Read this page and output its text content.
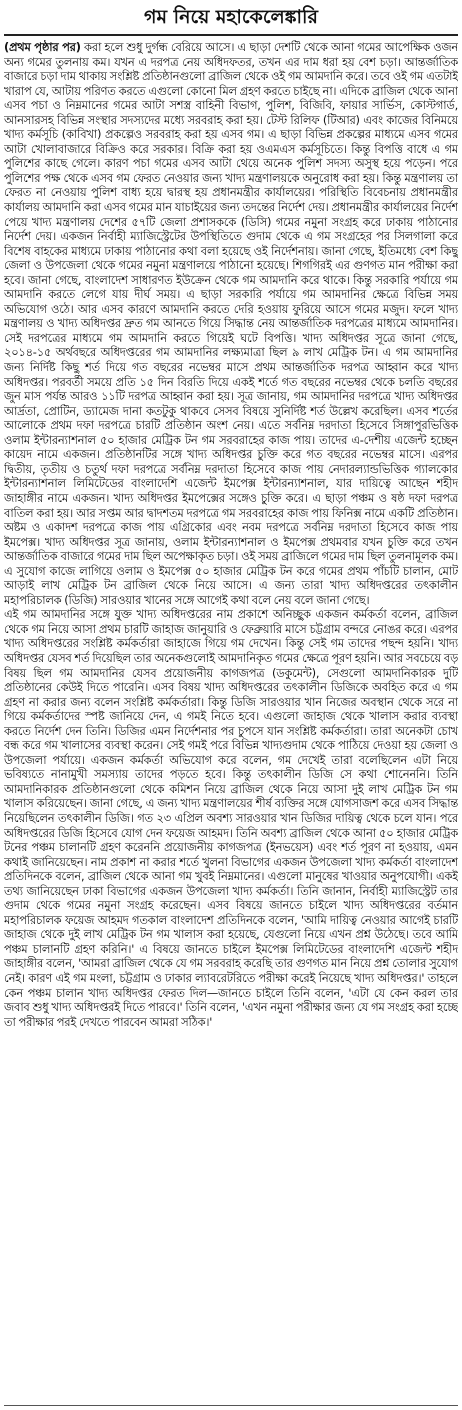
গম নিয়ে মহাকেলেঙ্কারি

(প্রথম পৃষ্ঠার পর) করা হলে শুধু দুর্গন্ধ বেরিয়ে আসে। এ ছাড়া দেশটি থেকে আনা গমের আপেক্ষিক ওজন অন্য গমের তুলনায় কম। যখন এ দরপত্র নেয় অধিদফতর, তখন এর দাম ধরা হয় বেশ চড়া। আন্তর্জাতিক বাজারে চড়া দাম থাকায় সংশ্লিষ্ট প্রতিষ্ঠানগুলো ব্রাজিল থেকে ওই গম আমদানি করে। তবে ওই গম এতটাই খারাপ যে, আটায় পরিণত করতে এগুলো কোনো মিল গ্রহণ করতে চাইছে না। এদিকে ব্রাজিল থেকে আনা এসব পচা ও নিম্নমানের গমের আটা সশস্ত্র বাহিনী বিভাগ, পুলিশ, বিজিবি, ফায়ার সার্ভিস, কোস্টগার্ড, আনসারসহ বিভিন্ন সংস্থার সদস্যদের মধ্যে সরবরাহ করা হয়। টেস্ট রিলিফ (টিআর) এবং কাজের বিনিময়ে খাদ্য কর্মসূচি (কাবিখা) প্রকল্পেও সরবরাহ করা হয় এসব গম। এ ছাড়া বিভিন্ন প্রকল্পের মাধ্যমে এসব গমের আটা খোলাবাজারে বিক্রিও করে সরকার। বিক্রি করা হয় ওএমএস কর্মসূচিতে। কিন্তু বিপত্তি বাধে এ গম পুলিশের কাছে গেলে। কারণ পচা গমের এসব আটা থেয়ে অনেক পুলিশ সদস্য অসুস্থ হয়ে পড়েন। পরে পুলিশের পক্ষ থেকে এসব গম ফেরত নেওয়ার জন্য খাদ্য মন্ত্রণালয়কে অনুরোধ করা হয়। কিন্তু মন্ত্রণালয় তা ফেরত না নেওয়ায় পুলিশ বাধ্য হয়ে দ্বারস্থ হয় প্রধানমন্ত্রীর কার্যালয়ের। পরিস্থিতি বিবেচনায় প্রধানমন্ত্রীর কার্যালয় আমদানি করা এসব গমের মান যাচাইয়ের জন্য তদন্তের নির্দেশ দেয়। প্রধানমন্ত্রীর কার্যালয়ের নির্দেশ পেয়ে খাদ্য মন্ত্রণালয় দেশের ৫৭টি জেলা প্রশাসককে (ডিসি) গমের নমুনা সংগ্রহ করে ঢাকায় পাঠানোর নির্দেশ দেয়। একজন নির্বাহী ম্যাজিস্ট্রেটের উপস্থিতিতে গুদাম থেকে এ গম সংগ্রহের পর সিলগালা করে বিশেষ বাহকের মাধ্যমে ঢাকায় পাঠানোর কথা বলা হয়েছে ওই নির্দেশনায়। জানা গেছে, ইতিমধ্যে বেশ কিছু জেলা ও উপজেলা থেকে গমের নমুনা মন্ত্রণালয়ে পাঠানো হয়েছে। শিগগিরই এর গুণগত মান পরীক্ষা করা হবে। জানা গেছে, বাংলাদেশ সাধারণত ইউক্রেন থেকে গম আমদানি করে থাকে। কিন্তু সরকারি পর্যায়ে গম আমদানি করতে লেগে যায় দীর্ঘ সময়। এ ছাড়া সরকারি পর্যায়ে গম আমদানির ক্ষেত্রে বিভিন্ন সময় অভিযোগ ওঠে। আর এসব কারণে আমদানি করতে দেরি হওয়ায় ফুরিয়ে আসে গমের মজুদ। ফলে খাদ্য মন্ত্রণালয় ও খাদ্য অধিদপ্তর দ্রুত গম আনতে গিয়ে সিদ্ধান্ত নেয় আন্তর্জাতিক দরপত্রের মাধ্যমে আমদানির। সেই দরপত্রের মাধ্যমে গম আমদানি করতে গিয়েই ঘটে বিপত্তি। খাদ্য অধিদপ্তর সূত্রে জানা গেছে, ২০১৪-১৫ অর্থবছরে অধিদপ্তরের গম আমদানির লক্ষ্যমাত্রা ছিল ৯ লাখ মেট্রিক টন। এ গম আমদানির জন্য নির্দিষ্ট কিছু শর্ত দিয়ে গত বছরের নভেম্বর মাসে প্রথম আন্তর্জাতিক দরপত্র আহ্বান করে খাদ্য অধিদপ্তর। পরবর্তী সময়ে প্রতি ১৫ দিন বিরতি দিয়ে একই শর্তে গত বছরের নভেম্বর থেকে চলতি বছরের জুন মাস পর্যন্ত আরও ১১টি দরপত্র আহ্বান করা হয়। সূত্র জানায়, গম আমদানির দরপত্রে খাদ্য অধিদপ্তর আর্দ্রতা, প্রোটিন, ড্যামেজ দানা কতটুকু থাকবে সেসব বিষয়ে সুনির্দিষ্ট শর্ত উল্লেখ করেছিল। এসব শর্তের আলোকে প্রথম দফা দরপত্রে চারটি প্রতিষ্ঠান অংশ নেয়। এতে সর্বনিম্ন দরদাতা হিসেবে সিঙ্গাপুরভিত্তিক ওলাম ইন্টারন্যাশনাল ৫০ হাজার মেট্রিক টন গম সরবরাহের কাজ পায়। তাদের এ-দেশীয় এজেন্ট হচ্ছেন কায়েদ নামে একজন। প্রতিষ্ঠানটির সঙ্গে খাদ্য অধিদপ্তর চুক্তি করে গত বছরের নভেম্বর মাসে। এরপর দ্বিতীয়, তৃতীয় ও চতুর্থ দফা দরপত্রে সর্বনিম্ন দরদাতা হিসেবে কাজ পায় নেদারল্যান্ডভিত্তিক গ্যালকোর ইন্টারন্যাশনাল লিমিটেডের বাংলাদেশি এজেন্ট ইমপেক্স ইন্টারন্যাশনাল, যার দায়িত্বে আছেন শহীদ জাহাঙ্গীর নামে একজন। খাদ্য অধিদপ্তর ইমপেক্সের সঙ্গেও চুক্তি করে। এ ছাড়া পঞ্চম ও ষষ্ঠ দফা দরপত্র বাতিল করা হয়। আর সপ্তম আর দ্বাদশতম দরপত্রে গম সরবরাহের কাজ পায় ফিনিক্স নামে একটি প্রতিষ্ঠান। অষ্টম ও একাদশ দরপত্রে কাজ পায় এগ্রিকোর এবং নবম দরপত্রে সর্বনিম্ন দরদাতা হিসেবে কাজ পায় ইমপেক্স। খাদ্য অধিদপ্তর সূত্র জানায়, ওলাম ইন্টারন্যাশনাল ও ইমপেক্স প্রথমবার যখন চুক্তি করে তখন আন্তর্জাতিক বাজারে গমের দাম ছিল অপেক্ষাকৃত চড়া। ওই সময় ব্রাজিলে গমের দাম ছিল তুলনামূলক কম। এ সুযোগ কাজে লাগিয়ে ওলাম ও ইমপেক্স ৫০ হাজার মেট্রিক টন করে গমের প্রথম পাঁচটি চালান, মোট আড়াই লাখ মেট্রিক টন ব্রাজিল থেকে নিয়ে আসে। এ জন্য তারা খাদ্য অধিদপ্তরের তৎকালীন মহাপরিচালক (ডিজি) সারওয়ার খানের সঙ্গে আগেই কথা বলে নেয় বলে জানা গেছে।

এই গম আমদানির সঙ্গে যুক্ত খাদ্য অধিদপ্তরের নাম প্রকাশে অনিচ্ছুক একজন কর্মকর্তা বলেন, ব্রাজিল থেকে গম নিয়ে আসা প্রথম চারটি জাহাজ জানুয়ারি ও ফেব্রুয়ারি মাসে চট্টগ্রাম বন্দরে নোঙর করে। এরপর খাদ্য অধিদপ্তরের সংশ্লিষ্ট কর্মকর্তারা জাহাজে গিয়ে গম দেখেন। কিন্তু সেই গম তাদের পছন্দ হয়নি। খাদ্য অধিদপ্তর যেসব শর্ত দিয়েছিল তার অনেকগুলোই আমদানিকৃত গমের ক্ষেত্রে পূরণ হয়নি। আর সবচেয়ে বড় বিষয় ছিল গম আমদানির যেসব প্রয়োজনীয় কাগজপত্র (ডকুমেন্ট), সেগুলো আমদানিকারক দুটি প্রতিষ্ঠানের কেউই দিতে পারেনি। এসব বিষয় খাদ্য অধিদপ্তরের তৎকালীন ডিজিকে অবহিত করে এ গম গ্রহণ না করার জন্য বলেন সংশ্লিষ্ট কর্মকর্তারা। কিন্তু ডিজি সারওয়ার খান নিজের অবস্থান থেকে সরে না গিয়ে কর্মকর্তাদের স্পষ্ট জানিয়ে দেন, এ গমই নিতে হবে। এগুলো জাহাজ থেকে খালাস করার ব্যবস্থা করতে নির্দেশ দেন তিনি। ডিজির এমন নির্দেশনার পর চুপসে যান সংশ্লিষ্ট কর্মকর্তারা। তারা অনেকটা চোখ বন্ধ করে গম খালাসের ব্যবস্থা করেন। সেই গমই পরে বিভিন্ন খাদ্যগুদাম থেকে পাঠিয়ে দেওয়া হয় জেলা ও উপজেলা পর্যায়ে। একজন কর্মকর্তা অভিযোগ করে বলেন, গম দেখেই তারা বলেছিলেন এটা নিয়ে ভবিষ্যতে নানামুখী সমস্যায় তাদের পড়তে হবে। কিন্তু তৎকালীন ডিজি সে কথা শোনেননি। তিনি আমদানিকারক প্রতিষ্ঠানগুলো থেকে কমিশন নিয়ে ব্রাজিল থেকে নিয়ে আসা দুই লাখ মেট্রিক টন গম খালাস করিয়েছেন। জানা গেছে, এ জন্য খাদ্য মন্ত্রণালয়ের শীর্ষ ব্যক্তির সঙ্গে যোগসাজশ করে এসব সিদ্ধান্ত নিয়েছিলেন তৎকালীন ডিজি। গত ২৩ এপ্রিল অবশ্য সারওয়ার খান ডিজির দায়িত্ব থেকে চলে যান। পরে অধিদপ্তরের ডিজি হিসেবে যোগ দেন ফয়েজ আহমদ। তিনি অবশ্য ব্রাজিল থেকে আনা ৫০ হাজার মেট্রিক টনের পঞ্চম চালানটি গ্রহণ করেননি প্রয়োজনীয় কাগজপত্র (ইনভয়েস) এবং শর্ত পূরণ না হওয়ায়, এমন কথাই জানিয়েছেন। নাম প্রকাশ না করার শর্তে খুলনা বিভাগের একজন উপজেলা খাদ্য কর্মকর্তা বাংলাদেশ প্রতিদিনকে বলেন, ব্রাজিল থেকে আনা গম খুবই নিম্নমানের। এগুলো মানুষের খাওয়ার অনুপযোগী। একই তথ্য জানিয়েছেন ঢাকা বিভাগের একজন উপজেলা খাদ্য কর্মকর্তা। তিনি জানান, নির্বাহী ম্যাজিস্ট্রেট তার গুদাম থেকে গমের নমুনা সংগ্রহ করেছেন। এসব বিষয়ে জানতে চাইলে খাদ্য অধিদপ্তরের বর্তমান মহাপরিচালক ফয়েজ আহমদ গতকাল বাংলাদেশ প্রতিদিনকে বলেন, 'আমি দায়িত্ব নেওয়ার আগেই চারটি জাহাজ থেকে দুই লাখ মেট্রিক টন গম খালাস করা হয়েছে, যেগুলো নিয়ে এখন প্রশ্ন উঠেছে। তবে আমি পঞ্চম চালানটি গ্রহণ করিনি।' এ বিষয়ে জানতে চাইলে ইমপেক্স লিমিটেডের বাংলাদেশি এজেন্ট শহীদ জাহাঙ্গীর বলেন, 'আমরা ব্রাজিল থেকে যে গম সরবরাহ করেছি তার গুণগত মান নিয়ে প্রশ্ন তোলার সুযোগ নেই। কারণ এই গম মংলা, চট্টগ্রাম ও ঢাকার ল্যাবরেটরিতে পরীক্ষা করেই নিয়েছে খাদ্য অধিদপ্তর।' তাহলে কেন পঞ্চম চালান খাদ্য অধিদপ্তর ফেরত দিল—জানতে চাইলে তিনি বলেন, 'এটা যে কেন করল তার জবাব শুধু খাদ্য অধিদপ্তরই দিতে পারবে।' তিনি বলেন, 'এখন নমুনা পরীক্ষার জন্য যে গম সংগ্রহ করা হচ্ছে তা পরীক্ষার পরই দেখতে পারবেন আমরা সঠিক।'
